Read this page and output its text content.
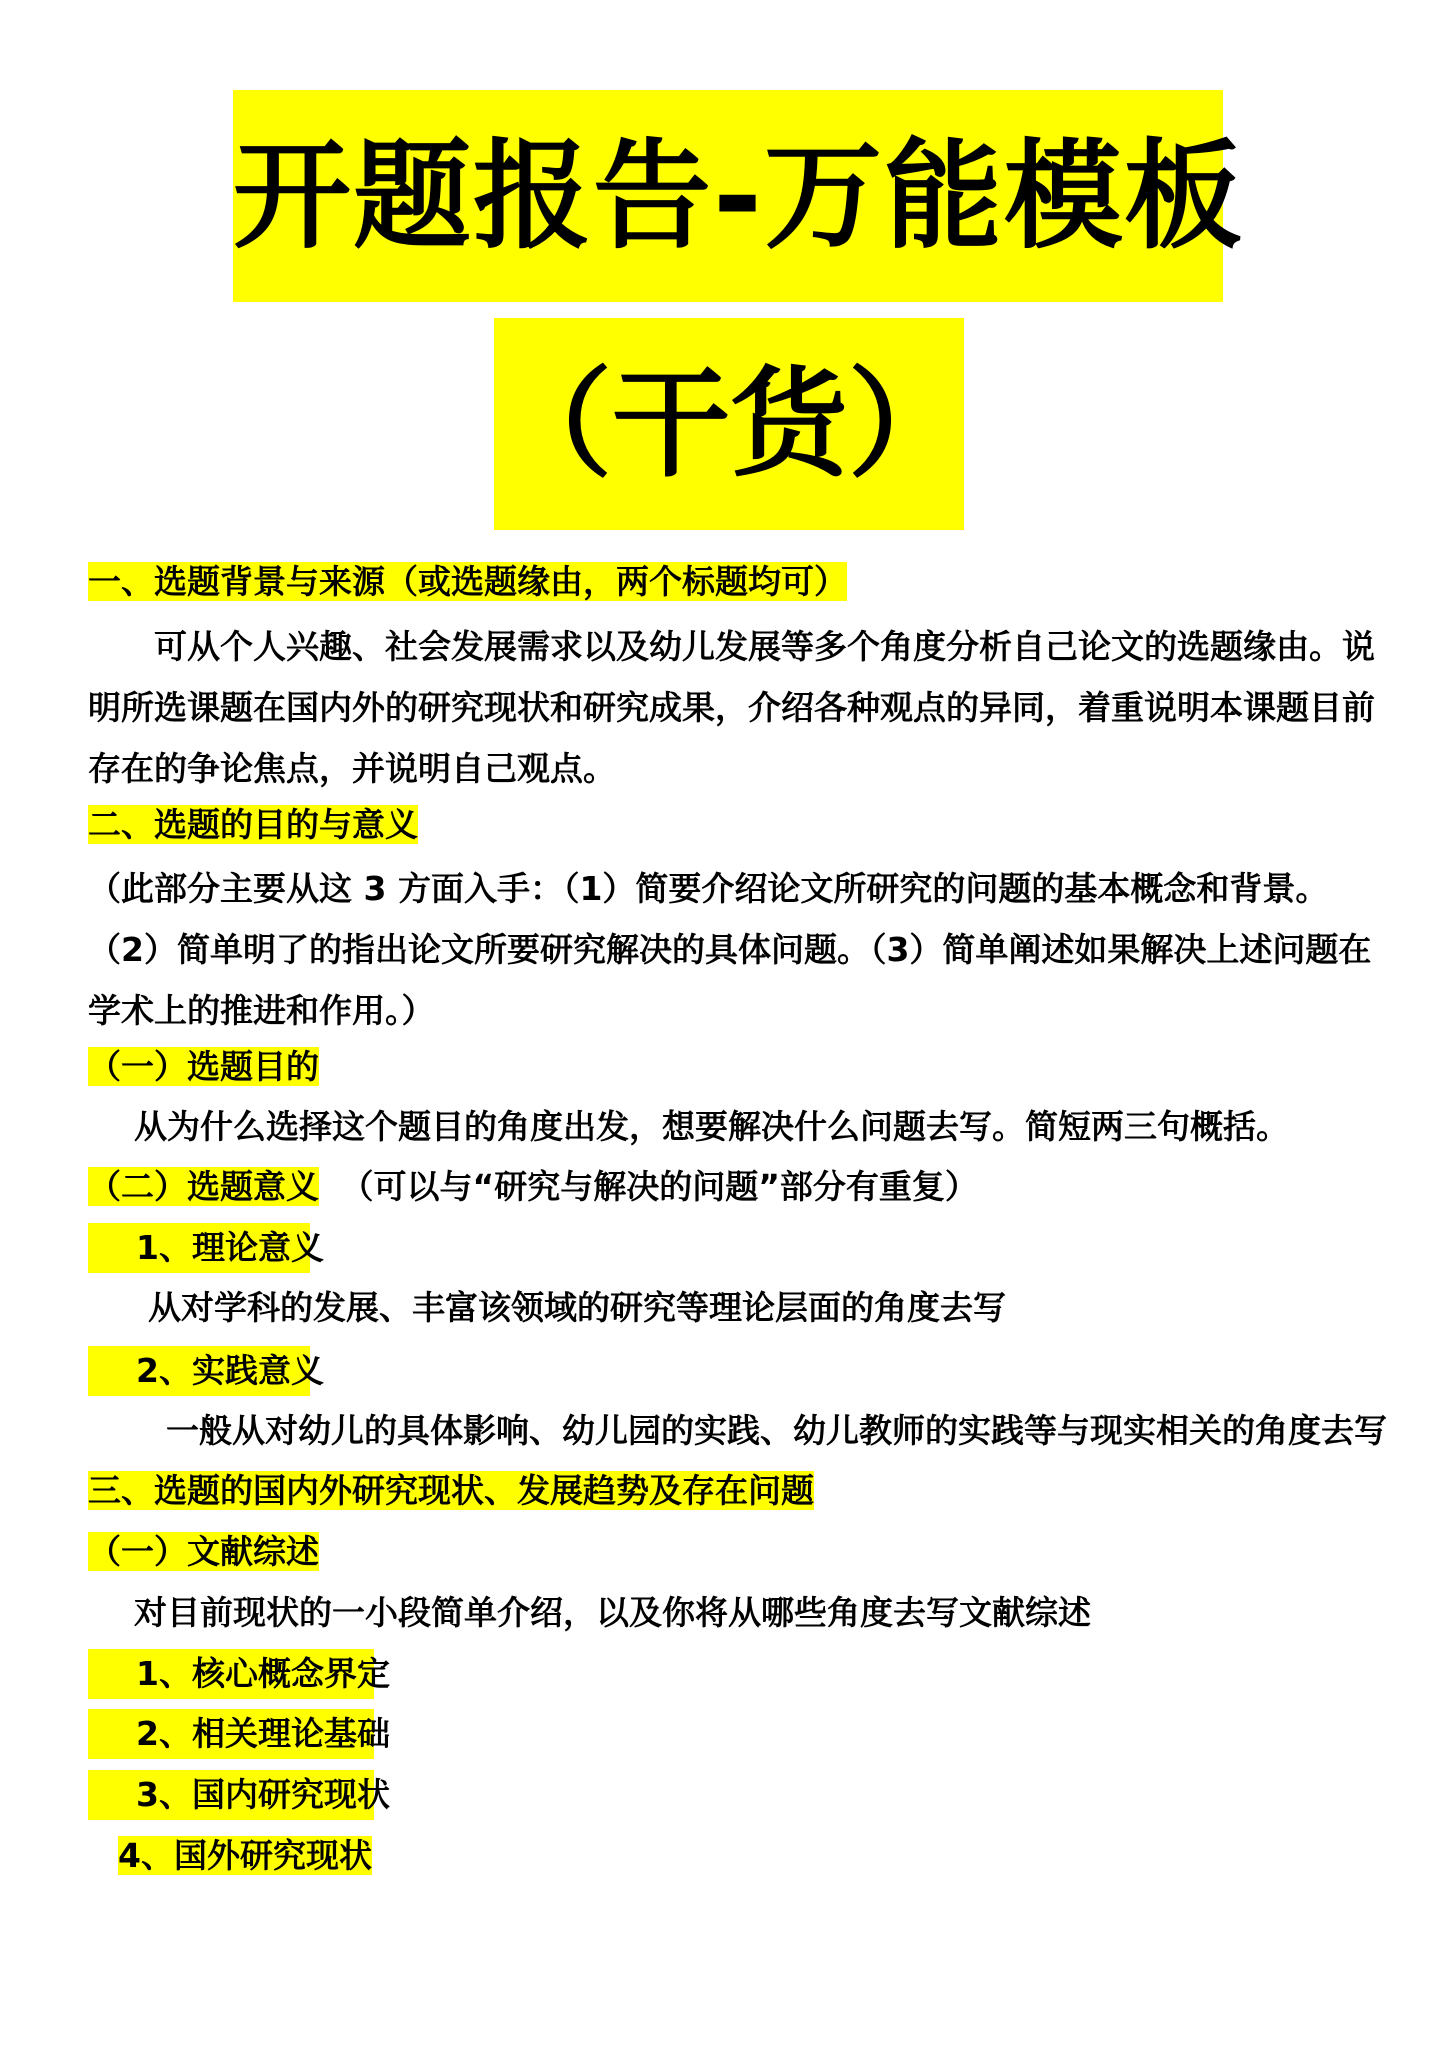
开题报告-万能模板
（干货）
一、选题背景与来源（或选题缘由，两个标题均可）
可从个人兴趣、社会发展需求以及幼儿发展等多个角度分析自己论文的选题缘由。说明所选课题在国内外的研究现状和研究成果，介绍各种观点的异同，着重说明本课题目前存在的争论焦点，并说明自己观点。
二、选题的目的与意义
（此部分主要从这 3 方面入手：（1）简要介绍论文所研究的问题的基本概念和背景。（2）简单明了的指出论文所要研究解决的具体问题。（3）简单阐述如果解决上述问题在学术上的推进和作用。）
（一）选题目的
从为什么选择这个题目的角度出发，想要解决什么问题去写。简短两三句概括。
（二）选题意义 （可以与“研究与解决的问题”部分有重复）
1、理论意义
从对学科的发展、丰富该领域的研究等理论层面的角度去写
2、实践意义
一般从对幼儿的具体影响、幼儿园的实践、幼儿教师的实践等与现实相关的角度去写
三、选题的国内外研究现状、发展趋势及存在问题
（一）文献综述
对目前现状的一小段简单介绍，以及你将从哪些角度去写文献综述
1、核心概念界定
2、相关理论基础
3、国内研究现状
4、国外研究现状
